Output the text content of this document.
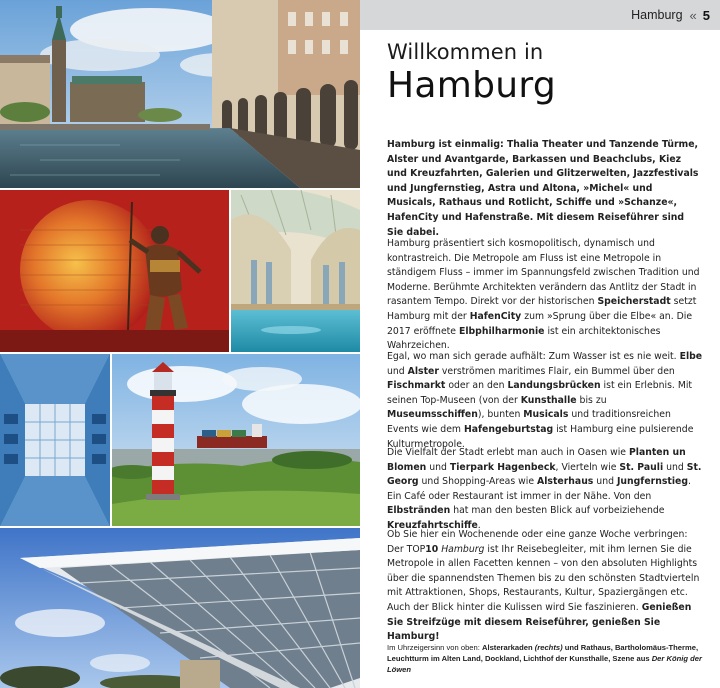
Hamburg « 5
Willkommen in
Hamburg

Hamburg ist einmalig: Thalia Theater und Tanzende Türme, Alster und Avantgarde, Barkassen und Beachclubs, Kiez und Kreuzfahrten, Galerien und Glitzerwelten, Jazzfestivals und Jungfernstieg, Astra und Altona, »Michel« und Musicals, Rathaus und Rotlicht, Schiffe und »Schanze«, HafenCity und Hafenstraße. Mit diesem Reiseführer sind Sie dabei.

Hamburg präsentiert sich kosmopolitisch, dynamisch und kontrastreich. Die Metropole am Fluss ist eine Metropole in ständigem Fluss – immer im Spannungsfeld zwischen Tradition und Moderne. Berühmte Architekten verändern das Antlitz der Stadt in rasantem Tempo. Direkt vor der historischen Speicherstadt setzt Hamburg mit der HafenCity zum »Sprung über die Elbe« an. Die 2017 eröffnete Elbphilharmonie ist ein architektonisches Wahrzeichen.

Egal, wo man sich gerade aufhält: Zum Wasser ist es nie weit. Elbe und Alster verströmen maritimes Flair, ein Bummel über den Fischmarkt oder an den Landungsbrücken ist ein Erlebnis. Mit seinen Top-Museen (von der Kunsthalle bis zu Museumsschiffen), bunten Musicals und traditionsreichen Events wie dem Hafengeburtstag ist Hamburg eine pulsierende Kulturmetropole.

Die Vielfalt der Stadt erlebt man auch in Oasen wie Planten un Blomen und Tierpark Hagenbeck, Vierteln wie St. Pauli und St. Georg und Shopping-Areas wie Alsterhaus und Jungfernstieg. Ein Café oder Restaurant ist immer in der Nähe. Von den Elbstränden hat man den besten Blick auf vorbeiziehende Kreuzfahrtschiffe.

Ob Sie hier ein Wochenende oder eine ganze Woche verbringen: Der TOP10 Hamburg ist Ihr Reisebegleiter, mit ihm lernen Sie die Metropole in allen Facetten kennen – von den absoluten Highlights über die spannendsten Themen bis zu den schönsten Stadtvierteln mit Attraktionen, Shops, Restaurants, Kultur, Spaziergängen etc. Auch der Blick hinter die Kulissen wird Sie faszinieren. Genießen Sie Streifzüge mit diesem Reiseführer, genießen Sie Hamburg!

Im Uhrzeigersinn von oben: Alsterarkaden (rechts) und Rathaus, Bartholomäus-Therme, Leuchtturm im Alten Land, Dockland, Lichthof der Kunsthalle, Szene aus Der König der Löwen
